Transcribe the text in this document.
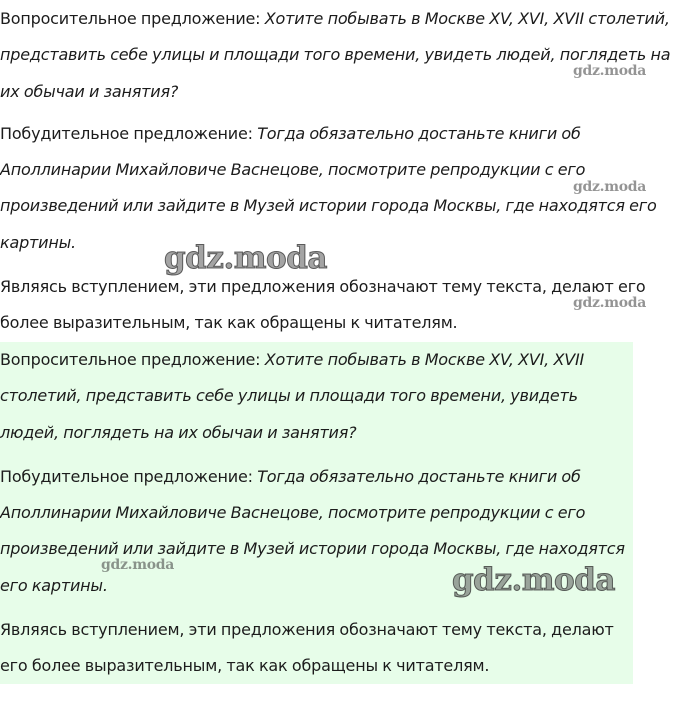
Вопросительное предложение: Хотите побывать в Москве XV, XVI, XVII столетий, представить себе улицы и площади того времени, увидеть людей, поглядеть на их обычаи и занятия?

Побудительное предложение: Тогда обязательно достаньте книги об Аполлинарии Михайловиче Васнецове, посмотрите репродукции с его произведений или зайдите в Музей истории города Москвы, где находятся его картины.

Являясь вступлением, эти предложения обозначают тему текста, делают его более выразительным, так как обращены к читателям.

Вопросительное предложение: Хотите побывать в Москве XV, XVI, XVII столетий, представить себе улицы и площади того времени, увидеть людей, поглядеть на их обычаи и занятия?

Побудительное предложение: Тогда обязательно достаньте книги об Аполлинарии Михайловиче Васнецове, посмотрите репродукции с его произведений или зайдите в Музей истории города Москвы, где находятся его картины.

Являясь вступлением, эти предложения обозначают тему текста, делают его более выразительным, так как обращены к читателям.

gdz.moda
gdz.moda
gdz.moda
gdz.moda
gdz.moda	gdz.moda
